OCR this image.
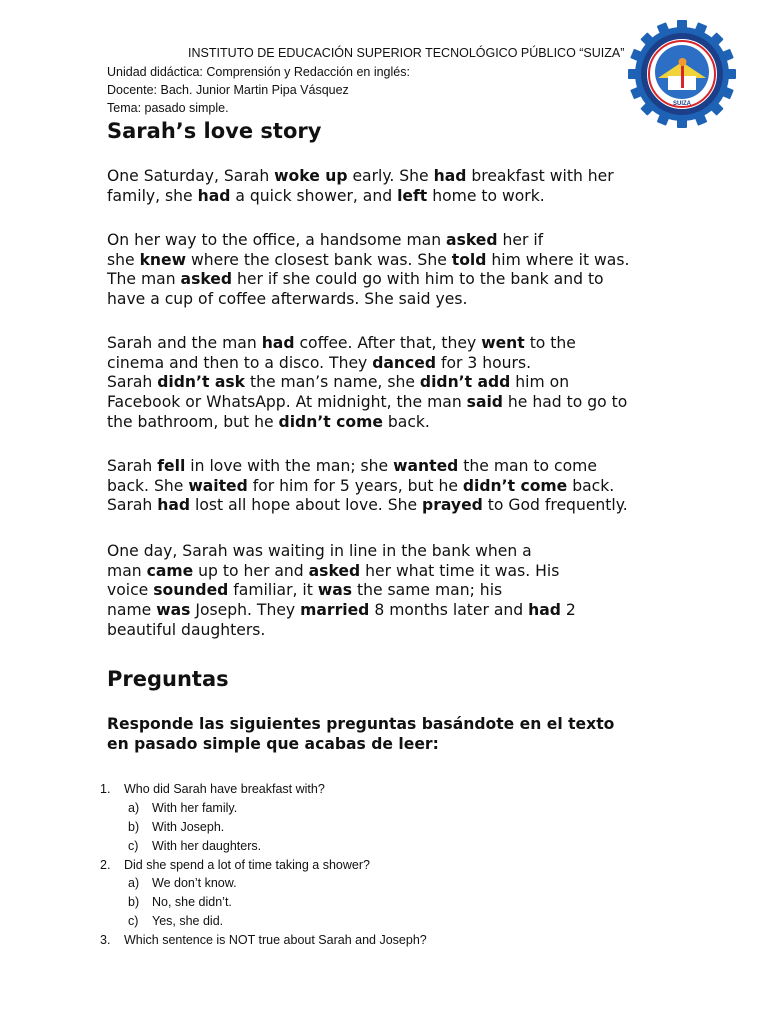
INSTITUTO DE EDUCACIÓN SUPERIOR TECNOLÓGICO PÚBLICO “SUIZA”
Unidad didáctica: Comprensión y Redacción en inglés:
Docente: Bach. Junior Martin Pipa Vásquez
Tema: pasado simple.	SUIZA
Sarah’s love story

One Saturday, Sarah woke up early. She had breakfast with her
family, she had a quick shower, and left home to work.

On her way to the office, a handsome man asked her if
she knew where the closest bank was. She told him where it was.
The man asked her if she could go with him to the bank and to
have a cup of coffee afterwards. She said yes.

Sarah and the man had coffee. After that, they went to the
cinema and then to a disco. They danced for 3 hours.
Sarah didn’t ask the man’s name, she didn’t add him on
Facebook or WhatsApp. At midnight, the man said he had to go to
the bathroom, but he didn’t come back.

Sarah fell in love with the man; she wanted the man to come
back. She waited for him for 5 years, but he didn’t come back.
Sarah had lost all hope about love. She prayed to God frequently.

One day, Sarah was waiting in line in the bank when a
man came up to her and asked her what time it was. His
voice sounded familiar, it was the same man; his
name was Joseph. They married 8 months later and had 2
beautiful daughters.

Preguntas

Responde las siguientes preguntas basándote en el texto
en pasado simple que acabas de leer:

1. Who did Sarah have breakfast with?
a) With her family.
b) With Joseph.
c) With her daughters.
2. Did she spend a lot of time taking a shower?
a) We don’t know.
b) No, she didn’t.
c) Yes, she did.
3. Which sentence is NOT true about Sarah and Joseph?
